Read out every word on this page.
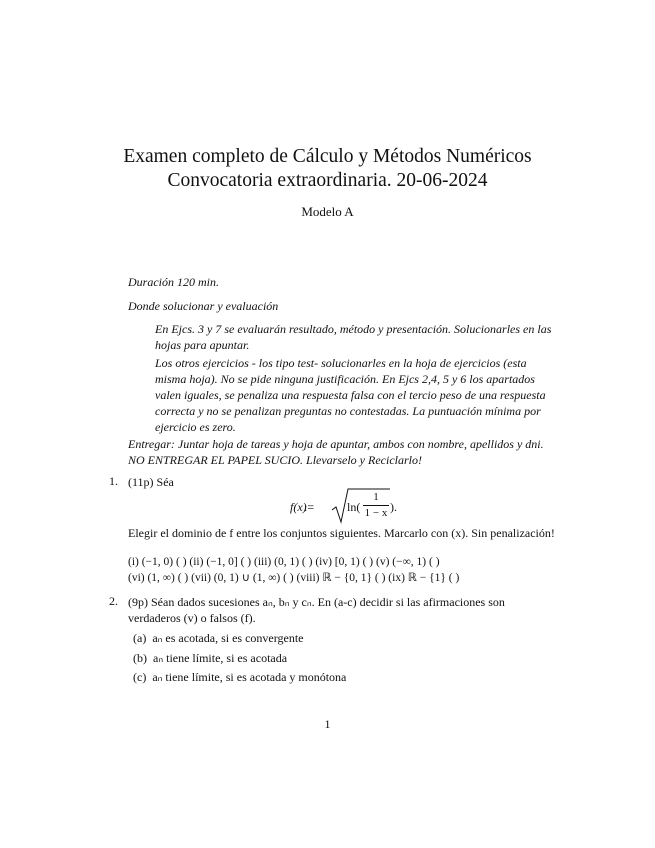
Examen completo de Cálculo y Métodos Numéricos
Convocatoria extraordinaria. 20-06-2024
Modelo A
Duración 120 min.
Donde solucionar y evaluación
En Ejcs. 3 y 7 se evaluarán resultado, método y presentación. Solucionarles en las hojas para apuntar.
Los otros ejercicios - los tipo test- solucionarles en la hoja de ejercicios (esta misma hoja). No se pide ninguna justificación. En Ejcs 2,4, 5 y 6 los apartados valen iguales, se penaliza una respuesta falsa con el tercio peso de una respuesta correcta y no se penalizan preguntas no contestadas. La puntuación mínima por ejercicio es zero.
Entregar: Juntar hoja de tareas y hoja de apuntar, ambos con nombre, apellidos y dni. NO ENTREGAR EL PAPEL SUCIO. Llevarselo y Reciclarlo!
1. (11p) Séa
f(x)
:=	ln(
1
1 − x ).
Elegir el dominio de f entre los conjuntos siguientes. Marcarlo con (x). Sin penalización!
(i) (−1, 0) ( ) (ii) (−1, 0] ( ) (iii) (0, 1) ( ) (iv) [0, 1) ( ) (v) (−∞, 1) ( )
(vi) (1, ∞) ( ) (vii) (0, 1) ∪ (1, ∞) ( ) (viii) ℝ − {0, 1} ( ) (ix) ℝ − {1} ( )
2. (9p) Séan dados sucesiones aₙ, bₙ y cₙ. En (a-c) decidir si las afirmaciones son verdaderos (v) o falsos (f).
(a) aₙ es acotada, si es convergente
(b) aₙ tiene límite, si es acotada
(c) aₙ tiene límite, si es acotada y monótona
1
